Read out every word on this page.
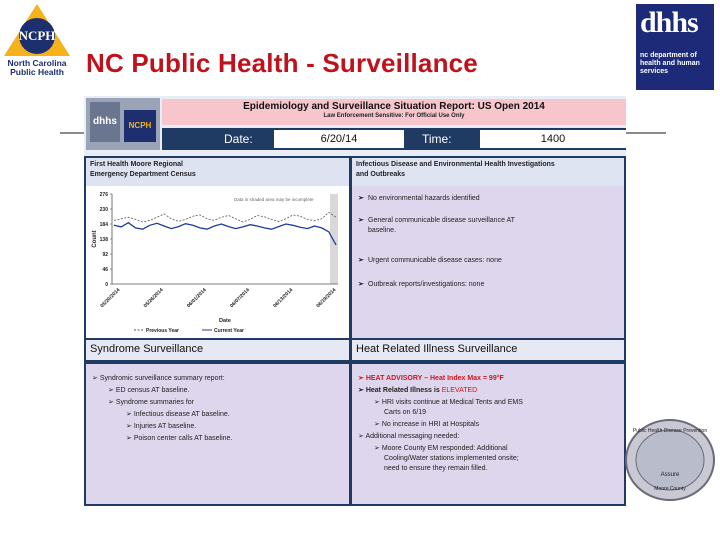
NCPH
North Carolina
Public Health NC Public Health - Surveillance
dhhs
nc department of health and human services
dhhs	NCPH
Epidemiology and Surveillance Situation Report: US Open 2014
Law Enforcement Sensitive: For Official Use Only
Date:	6/20/14	Time:	1400
First Health Moore Regional
Emergency Department Census
Data in shaded area may be incomplete
0
46
92
138
184
230
276
Count
05/20/2014	05/26/2014	06/01/2014	06/07/2014	06/13/2014	06/19/2014
Date
Previous Year	Current Year
Infectious Disease and Environmental Health Investigations
and Outbreaks
➢ No environmental hazards identified
➢ General communicable disease surveillance AT
baseline.
➢ Urgent communicable disease cases: none
➢ Outbreak reports/investigations: none
Syndrome Surveillance	Heat Related Illness Surveillance
➢ Syndromic surveillance summary report:
➢ ED census AT baseline.
➢ Syndrome summaries for
➢ Infectious disease AT baseline.
➢ Injuries AT baseline.
➢ Poison center calls AT baseline.
➢ HEAT ADVISORY – Heat Index Max = 99°F
➢ Heat Related Illness is ELEVATED
➢ HRI visits continue at Medical Tents and EMS
Carts on 6/19
➢ No increase in HRI at Hospitals
➢ Additional messaging needed:
➢ Moore County EM responded: Additional
Cooling/Water stations implemented onsite;
need to ensure they remain filled.
Public Health Disease Prevention
Assure
Moore County
